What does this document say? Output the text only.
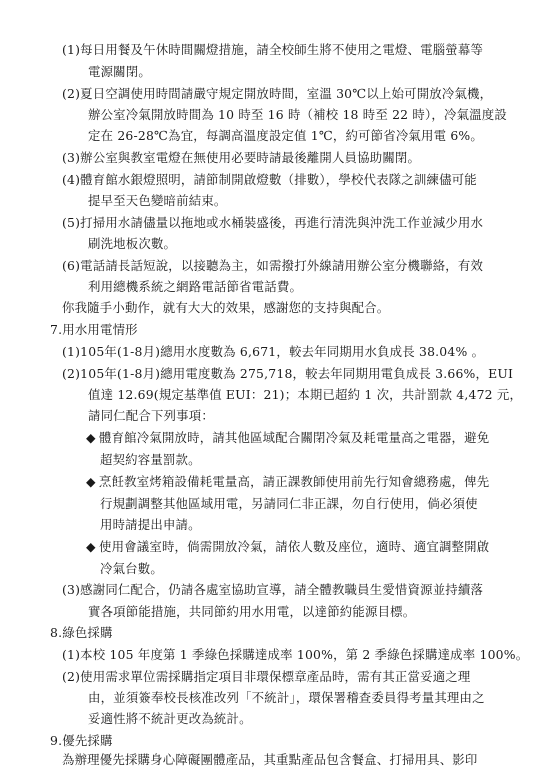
(1)每日用餐及午休時間關燈措施，請全校師生將不使用之電燈、電腦螢幕等
電源關閉。
(2)夏日空調使用時間請嚴守規定開放時間，室溫 30℃以上始可開放冷氣機，
辦公室冷氣開放時間為 10 時至 16 時（補校 18 時至 22 時），冷氣溫度設
定在 26-28℃為宜，每調高溫度設定值 1℃，約可節省冷氣用電 6%。
(3)辦公室與教室電燈在無使用必要時請最後離開人員協助關閉。
(4)體育館水銀燈照明，請節制開啟燈數（排數），學校代表隊之訓練儘可能
提早至天色變暗前結束。
(5)打掃用水請儘量以拖地或水桶裝盛後，再進行清洗與沖洗工作並減少用水
刷洗地板次數。
(6)電話請長話短說，以接聽為主，如需撥打外線請用辦公室分機聯絡，有效
利用總機系統之網路電話節省電話費。
你我隨手小動作，就有大大的效果，感謝您的支持與配合。
7.用水用電情形
(1)105年(1-8月)總用水度數為 6,671，較去年同期用水負成長 38.04% 。
(2)105年(1-8月)總用電度數為 275,718，較去年同期用電負成長 3.66%，EUI
值達 12.69(規定基準值 EUI：21)；本期已超約 1 次，共計罰款 4,472 元，
請同仁配合下列事項：
◆ 體育館冷氣開放時，請其他區域配合關閉冷氣及耗電量高之電器，避免
超契約容量罰款。
◆ 烹飪教室烤箱設備耗電量高，請正課教師使用前先行知會總務處，俾先
行規劃調整其他區域用電，另請同仁非正課，勿自行使用，倘必須使
用時請提出申請。
◆ 使用會議室時，倘需開放冷氣，請依人數及座位，適時、適宜調整開啟
冷氣台數。
(3)感謝同仁配合，仍請各處室協助宣導，請全體教職員生愛惜資源並持續落
實各項節能措施，共同節約用水用電，以達節約能源目標。
8.綠色採購
(1)本校 105 年度第 1 季綠色採購達成率 100%，第 2 季綠色採購達成率 100%。
(2)使用需求單位需採購指定項目非環保標章產品時，需有其正當妥適之理
由，並須簽奉校長核准改列「不統計」，環保署稽查委員得考量其理由之
妥適性將不統計更改為統計。
9.優先採購
為辦理優先採購身心障礙團體產品，其重點產品包含餐盒、打掃用具、影印
